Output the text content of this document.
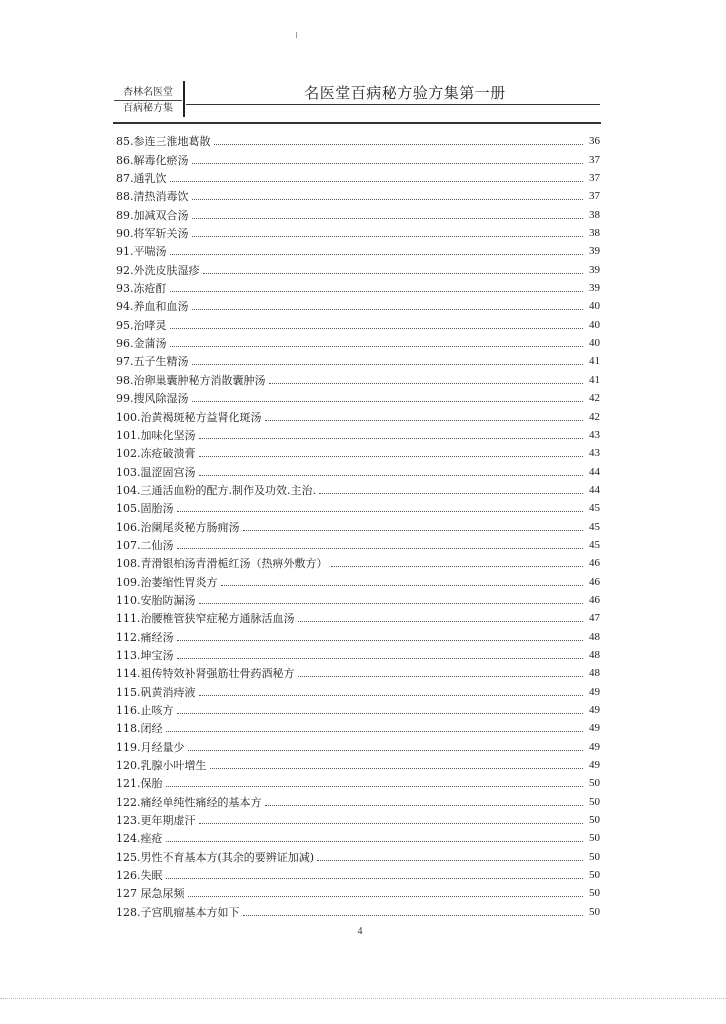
杏林名医堂
百病秘方集
名医堂百病秘方验方集第一册
85.参连三淮地葛散	36
86.解毒化瘀汤	37
87.通乳饮	37
88.清热消毒饮	37
89.加减双合汤	38
90.将军斩关汤	38
91.平喘汤	39
92.外洗皮肤湿疹	39
93.冻疮酊	39
94.养血和血汤	40
95.治哮灵	40
96.金蒲汤	40
97.五子生精汤	41
98.治卵巢囊肿秘方消散囊肿汤	41
99.搜风除湿汤	42
100.治黄褐斑秘方益肾化斑汤	42
101.加味化坚汤	43
102.冻疮破溃膏	43
103.温涩固宫汤	44
104.三通活血粉的配方.制作及功效.主治.	44
105.固胎汤	45
106.治阑尾炎秘方肠痈汤	45
107.二仙汤	45
108.青滑银柏汤青滑栀红汤（热痹外敷方）	46
109.治萎缩性胃炎方	46
110.安胎防漏汤	46
111.治腰椎管狭窄症秘方通脉活血汤	47
112.痛经汤	48
113.坤宝汤	48
114.祖传特效补肾强筋壮骨药酒秘方	48
115.矾黄消痔液	49
116.止咳方	49
118.闭经	49
119.月经量少	49
120.乳腺小叶增生	49
121.保胎	50
122.痛经单纯性痛经的基本方	50
123.更年期虚汗	50
124.痤疮	50
125.男性不育基本方(其余的要辨证加减)	50
126.失眠	50
127 尿急尿频	50
128.子宫肌瘤基本方如下	50
4
